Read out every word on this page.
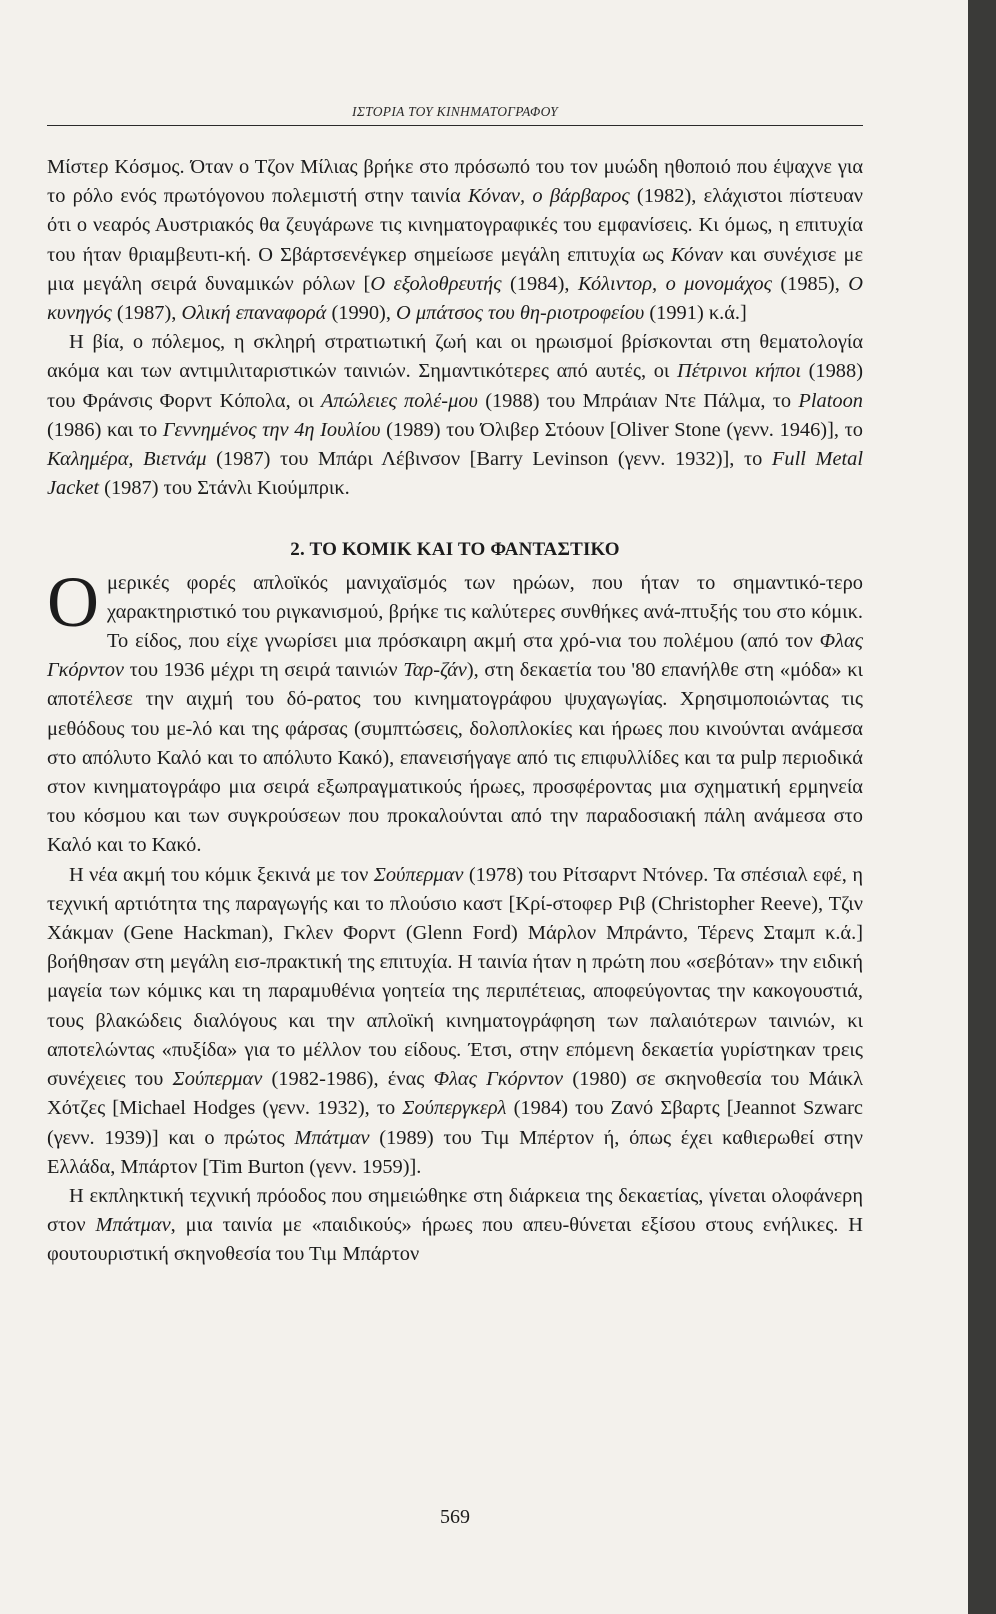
ΙΣΤΟΡΙΑ ΤΟΥ ΚΙΝΗΜΑΤΟΓΡΑΦΟΥ

Μίστερ Κόσμος. Όταν ο Τζον Μίλιας βρήκε στο πρόσωπό του τον μυώδη ηθοποιό που έψαχνε για το ρόλο ενός πρωτόγονου πολεμιστή στην ταινία Κόναν, ο βάρβαρος (1982), ελάχιστοι πίστευαν ότι ο νεαρός Αυστριακός θα ζευγάρωνε τις κινηματογραφικές του εμφανίσεις. Κι όμως, η επιτυχία του ήταν θριαμβευτι-κή. Ο Σβάρτσενέγκερ σημείωσε μεγάλη επιτυχία ως Κόναν και συνέχισε με μια μεγάλη σειρά δυναμικών ρόλων [Ο εξολοθρευτής (1984), Κόλιντορ, ο μονομάχος (1985), Ο κυνηγός (1987), Ολική επαναφορά (1990), Ο μπάτσος του θη-ριοτροφείου (1991) κ.ά.]

Η βία, ο πόλεμος, η σκληρή στρατιωτική ζωή και οι ηρωισμοί βρίσκονται στη θεματολογία ακόμα και των αντιμιλιταριστικών ταινιών. Σημαντικότερες από αυτές, οι Πέτρινοι κήποι (1988) του Φράνσις Φορντ Κόπολα, οι Απώλειες πολέ-μου (1988) του Μπράιαν Ντε Πάλμα, το Platoon (1986) και το Γεννημένος την 4η Ιουλίου (1989) του Όλιβερ Στόουν [Oliver Stone (γενν. 1946)], το Καλημέρα, Βιετνάμ (1987) του Μπάρι Λέβινσον [Barry Levinson (γενν. 1932)], το Full Metal Jacket (1987) του Στάνλι Κιούμπρικ.

2. ΤΟ ΚΟΜΙΚ ΚΑΙ ΤΟ ΦΑΝΤΑΣΤΙΚΟ

Ομερικές φορές απλοϊκός μανιχαϊσμός των ηρώων, που ήταν το σημαντικό-τερο χαρακτηριστικό του ριγκανισμού, βρήκε τις καλύτερες συνθήκες ανά-πτυξής του στο κόμικ. Το είδος, που είχε γνωρίσει μια πρόσκαιρη ακμή στα χρό-νια του πολέμου (από τον Φλας Γκόρντον του 1936 μέχρι τη σειρά ταινιών Ταρ-ζάν), στη δεκαετία του '80 επανήλθε στη «μόδα» κι αποτέλεσε την αιχμή του δό-ρατος του κινηματογράφου ψυχαγωγίας. Χρησιμοποιώντας τις μεθόδους του με-λό και της φάρσας (συμπτώσεις, δολοπλοκίες και ήρωες που κινούνται ανάμεσα στο απόλυτο Καλό και το απόλυτο Κακό), επανεισήγαγε από τις επιφυλλίδες και τα pulp περιοδικά στον κινηματογράφο μια σειρά εξωπραγματικούς ήρωες, προσφέροντας μια σχηματική ερμηνεία του κόσμου και των συγκρούσεων που προκαλούνται από την παραδοσιακή πάλη ανάμεσα στο Καλό και το Κακό.

Η νέα ακμή του κόμικ ξεκινά με τον Σούπερμαν (1978) του Ρίτσαρντ Ντόνερ. Τα σπέσιαλ εφέ, η τεχνική αρτιότητα της παραγωγής και το πλούσιο καστ [Κρί-στοφερ Ριβ (Christopher Reeve), Τζιν Χάκμαν (Gene Hackman), Γκλεν Φορντ (Glenn Ford) Μάρλον Μπράντο, Τέρενς Σταμπ κ.ά.] βοήθησαν στη μεγάλη εισ-πρακτική της επιτυχία. Η ταινία ήταν η πρώτη που «σεβόταν» την ειδική μαγεία των κόμικς και τη παραμυθένια γοητεία της περιπέτειας, αποφεύγοντας την κακογουστιά, τους βλακώδεις διαλόγους και την απλοϊκή κινηματογράφηση των παλαιότερων ταινιών, κι αποτελώντας «πυξίδα» για το μέλλον του είδους. Έτσι, στην επόμενη δεκαετία γυρίστηκαν τρεις συνέχειες του Σούπερμαν (1982-1986), ένας Φλας Γκόρντον (1980) σε σκηνοθεσία του Μάικλ Χότζες [Michael Hodges (γενν. 1932), το Σούπεργκερλ (1984) του Ζανό Σβαρτς [Jeannot Szwarc (γενν. 1939)] και ο πρώτος Μπάτμαν (1989) του Τιμ Μπέρτον ή, όπως έχει καθιερωθεί στην Ελλάδα, Μπάρτον [Tim Burton (γενν. 1959)].

Η εκπληκτική τεχνική πρόοδος που σημειώθηκε στη διάρκεια της δεκαετίας, γίνεται ολοφάνερη στον Μπάτμαν, μια ταινία με «παιδικούς» ήρωες που απευ-θύνεται εξίσου στους ενήλικες. Η φουτουριστική σκηνοθεσία του Τιμ Μπάρτον

569
